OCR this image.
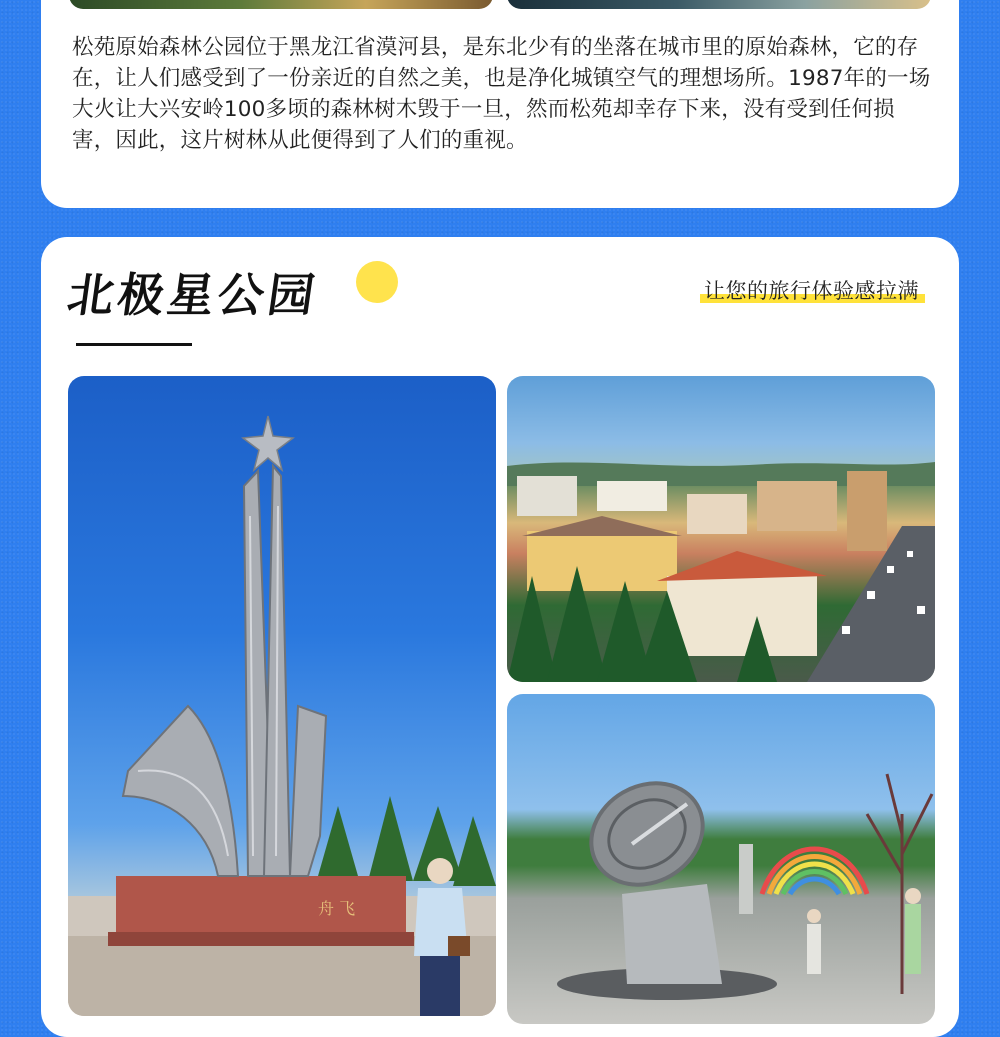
松苑原始森林公园位于黑龙江省漠河县，是东北少有的坐落在城市里的原始森林，它的存在，让人们感受到了一份亲近的自然之美，也是净化城镇空气的理想场所。1987年的一场大火让大兴安岭100多顷的森林树木毁于一旦，然而松苑却幸存下来，没有受到任何损害，因此，这片树林从此便得到了人们的重视。

北极星公园	让您的旅行体验感拉满
舟 飞
